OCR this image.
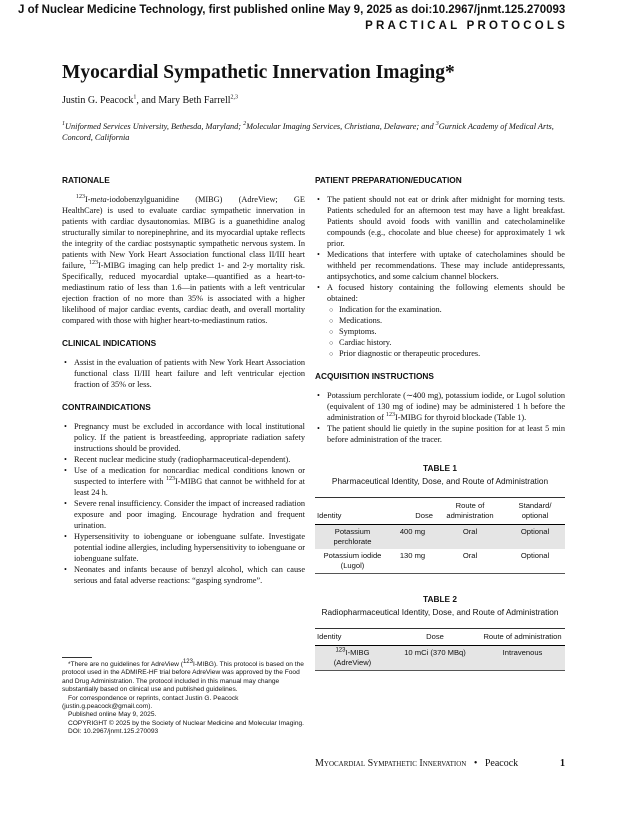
J of Nuclear Medicine Technology, first published online May 9, 2025 as doi:10.2967/jnmt.125.270093
PRACTICAL PROTOCOLS
Myocardial Sympathetic Innervation Imaging*
Justin G. Peacock$^1$, and Mary Beth Farrell$^{2,3}$
$^1$Uniformed Services University, Bethesda, Maryland; $^2$Molecular Imaging Services, Christiana, Delaware; and $^3$Gurnick Academy of Medical Arts, Concord, California
RATIONALE

$^{123}$I-meta-iodobenzylguanidine (MIBG) (AdreView; GE HealthCare) is used to evaluate cardiac sympathetic innervation in patients with cardiac dysautonomias. MIBG is a guanethidine analog structurally similar to norepinephrine, and its myocardial uptake reflects the integrity of the cardiac postsynaptic sympathetic nervous system. In patients with New York Heart Association functional class II/III heart failure, $^{123}$I-MIBG imaging can help predict 1- and 2-y mortality risk. Specifically, reduced myocardial uptake—quantified as a heart-to-mediastinum ratio of less than 1.6—in patients with a left ventricular ejection fraction of no more than 35% is associated with a higher likelihood of major cardiac events, cardiac death, and overall mortality compared with those with higher heart-to-mediastinum ratios.

CLINICAL INDICATIONS
• Assist in the evaluation of patients with New York Heart Association functional class II/III heart failure and left ventricular ejection fraction of 35% or less.
CONTRAINDICATIONS
• Pregnancy must be excluded in accordance with local institutional policy. If the patient is breastfeeding, appropriate radiation safety instructions should be provided.
• Recent nuclear medicine study (radiopharmaceutical-dependent).
• Use of a medication for noncardiac medical conditions known or suspected to interfere with $^{123}$I-MIBG that cannot be withheld for at least 24 h.
• Severe renal insufficiency. Consider the impact of increased radiation exposure and poor imaging. Encourage hydration and frequent urination.
• Hypersensitivity to iobenguane or iobenguane sulfate. Investigate potential iodine allergies, including hypersensitivity to iobenguane or iobenguane sulfate.
• Neonates and infants because of benzyl alcohol, which can cause serious and fatal adverse reactions: “gasping syndrome”.
PATIENT PREPARATION/EDUCATION
• The patient should not eat or drink after midnight for morning tests. Patients scheduled for an afternoon test may have a light breakfast. Patients should avoid foods with vanillin and catecholaminelike compounds (e.g., chocolate and blue cheese) for approximately 1 wk prior.
• Medications that interfere with uptake of catecholamines should be withheld per recommendations. These may include antidepressants, antipsychotics, and some calcium channel blockers.
• A focused history containing the following elements should be obtained:
○ Indication for the examination.
○ Medications.
○ Symptoms.
○ Cardiac history.
○ Prior diagnostic or therapeutic procedures.
ACQUISITION INSTRUCTIONS
• Potassium perchlorate (∼400 mg), potassium iodide, or Lugol solution (equivalent of 130 mg of iodine) may be administered 1 h before the administration of $^{123}$I-MIBG for thyroid blockade (Table 1).
• The patient should lie quietly in the supine position for at least 5 min before administration of the tracer.
TABLE 1
Pharmaceutical Identity, Dose, and Route of Administration
Identity	Dose	Route of administration	Standard/ optional
Potassium perchlorate	400 mg	Oral	Optional
Potassium iodide (Lugol)	130 mg	Oral	Optional
TABLE 2
Radiopharmaceutical Identity, Dose, and Route of Administration
Identity	Dose	Route of administration
$^{123}$I-MIBG (AdreView)	10 mCi (370 MBq)	Intravenous

*There are no guidelines for AdreView (123I-MIBG). This protocol is based on the protocol used in the ADMIRE-HF trial before AdreView was approved by the Food and Drug Administration. The protocol included in this manual may change substantially based on clinical use and published guidelines.

For correspondence or reprints, contact Justin G. Peacock (justin.g.peacock@gmail.com).

Published online May 9, 2025.

COPYRIGHT © 2025 by the Society of Nuclear Medicine and Molecular Imaging.

DOI: 10.2967/jnmt.125.270093

Myocardial Sympathetic Innervation • Peacock	1
